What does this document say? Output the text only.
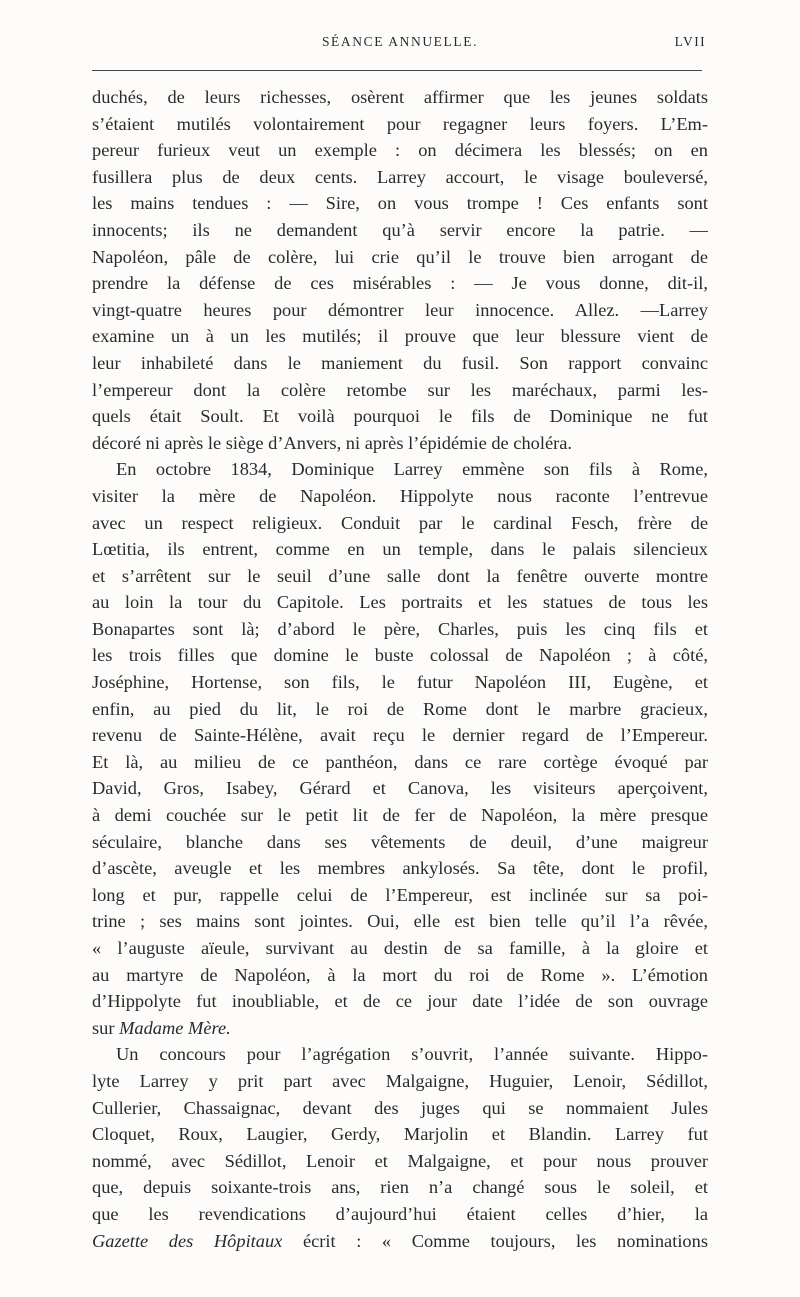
SÉANCE ANNUELLE.	LVII
duchés, de leurs richesses, osèrent affirmer que les jeunes soldats
s’étaient mutilés volontairement pour regagner leurs foyers. L’Em-
pereur furieux veut un exemple : on décimera les blessés; on en
fusillera plus de deux cents. Larrey accourt, le visage bouleversé,
les mains tendues : — Sire, on vous trompe ! Ces enfants sont
innocents; ils ne demandent qu’à servir encore la patrie. —
Napoléon, pâle de colère, lui crie qu’il le trouve bien arrogant de
prendre la défense de ces misérables : — Je vous donne, dit-il,
vingt-quatre heures pour démontrer leur innocence. Allez. —Larrey
examine un à un les mutilés; il prouve que leur blessure vient de
leur inhabileté dans le maniement du fusil. Son rapport convainc
l’empereur dont la colère retombe sur les maréchaux, parmi les-
quels était Soult. Et voilà pourquoi le fils de Dominique ne fut
décoré ni après le siège d’Anvers, ni après l’épidémie de choléra.
En octobre 1834, Dominique Larrey emmène son fils à Rome,
visiter la mère de Napoléon. Hippolyte nous raconte l’entrevue
avec un respect religieux. Conduit par le cardinal Fesch, frère de
Lœtitia, ils entrent, comme en un temple, dans le palais silencieux
et s’arrêtent sur le seuil d’une salle dont la fenêtre ouverte montre
au loin la tour du Capitole. Les portraits et les statues de tous les
Bonapartes sont là; d’abord le père, Charles, puis les cinq fils et
les trois filles que domine le buste colossal de Napoléon ; à côté,
Joséphine, Hortense, son fils, le futur Napoléon III, Eugène, et
enfin, au pied du lit, le roi de Rome dont le marbre gracieux,
revenu de Sainte-Hélène, avait reçu le dernier regard de l’Empereur.
Et là, au milieu de ce panthéon, dans ce rare cortège évoqué par
David, Gros, Isabey, Gérard et Canova, les visiteurs aperçoivent,
à demi couchée sur le petit lit de fer de Napoléon, la mère presque
séculaire, blanche dans ses vêtements de deuil, d’une maigreur
d’ascète, aveugle et les membres ankylosés. Sa tête, dont le profil,
long et pur, rappelle celui de l’Empereur, est inclinée sur sa poi-
trine ; ses mains sont jointes. Oui, elle est bien telle qu’il l’a rêvée,
« l’auguste aïeule, survivant au destin de sa famille, à la gloire et
au martyre de Napoléon, à la mort du roi de Rome ». L’émotion
d’Hippolyte fut inoubliable, et de ce jour date l’idée de son ouvrage
sur Madame Mère.
Un concours pour l’agrégation s’ouvrit, l’année suivante. Hippo-
lyte Larrey y prit part avec Malgaigne, Huguier, Lenoir, Sédillot,
Cullerier, Chassaignac, devant des juges qui se nommaient Jules
Cloquet, Roux, Laugier, Gerdy, Marjolin et Blandin. Larrey fut
nommé, avec Sédillot, Lenoir et Malgaigne, et pour nous prouver
que, depuis soixante-trois ans, rien n’a changé sous le soleil, et
que les revendications d’aujourd’hui étaient celles d’hier, la
Gazette des Hôpitaux écrit : « Comme toujours, les nominations
